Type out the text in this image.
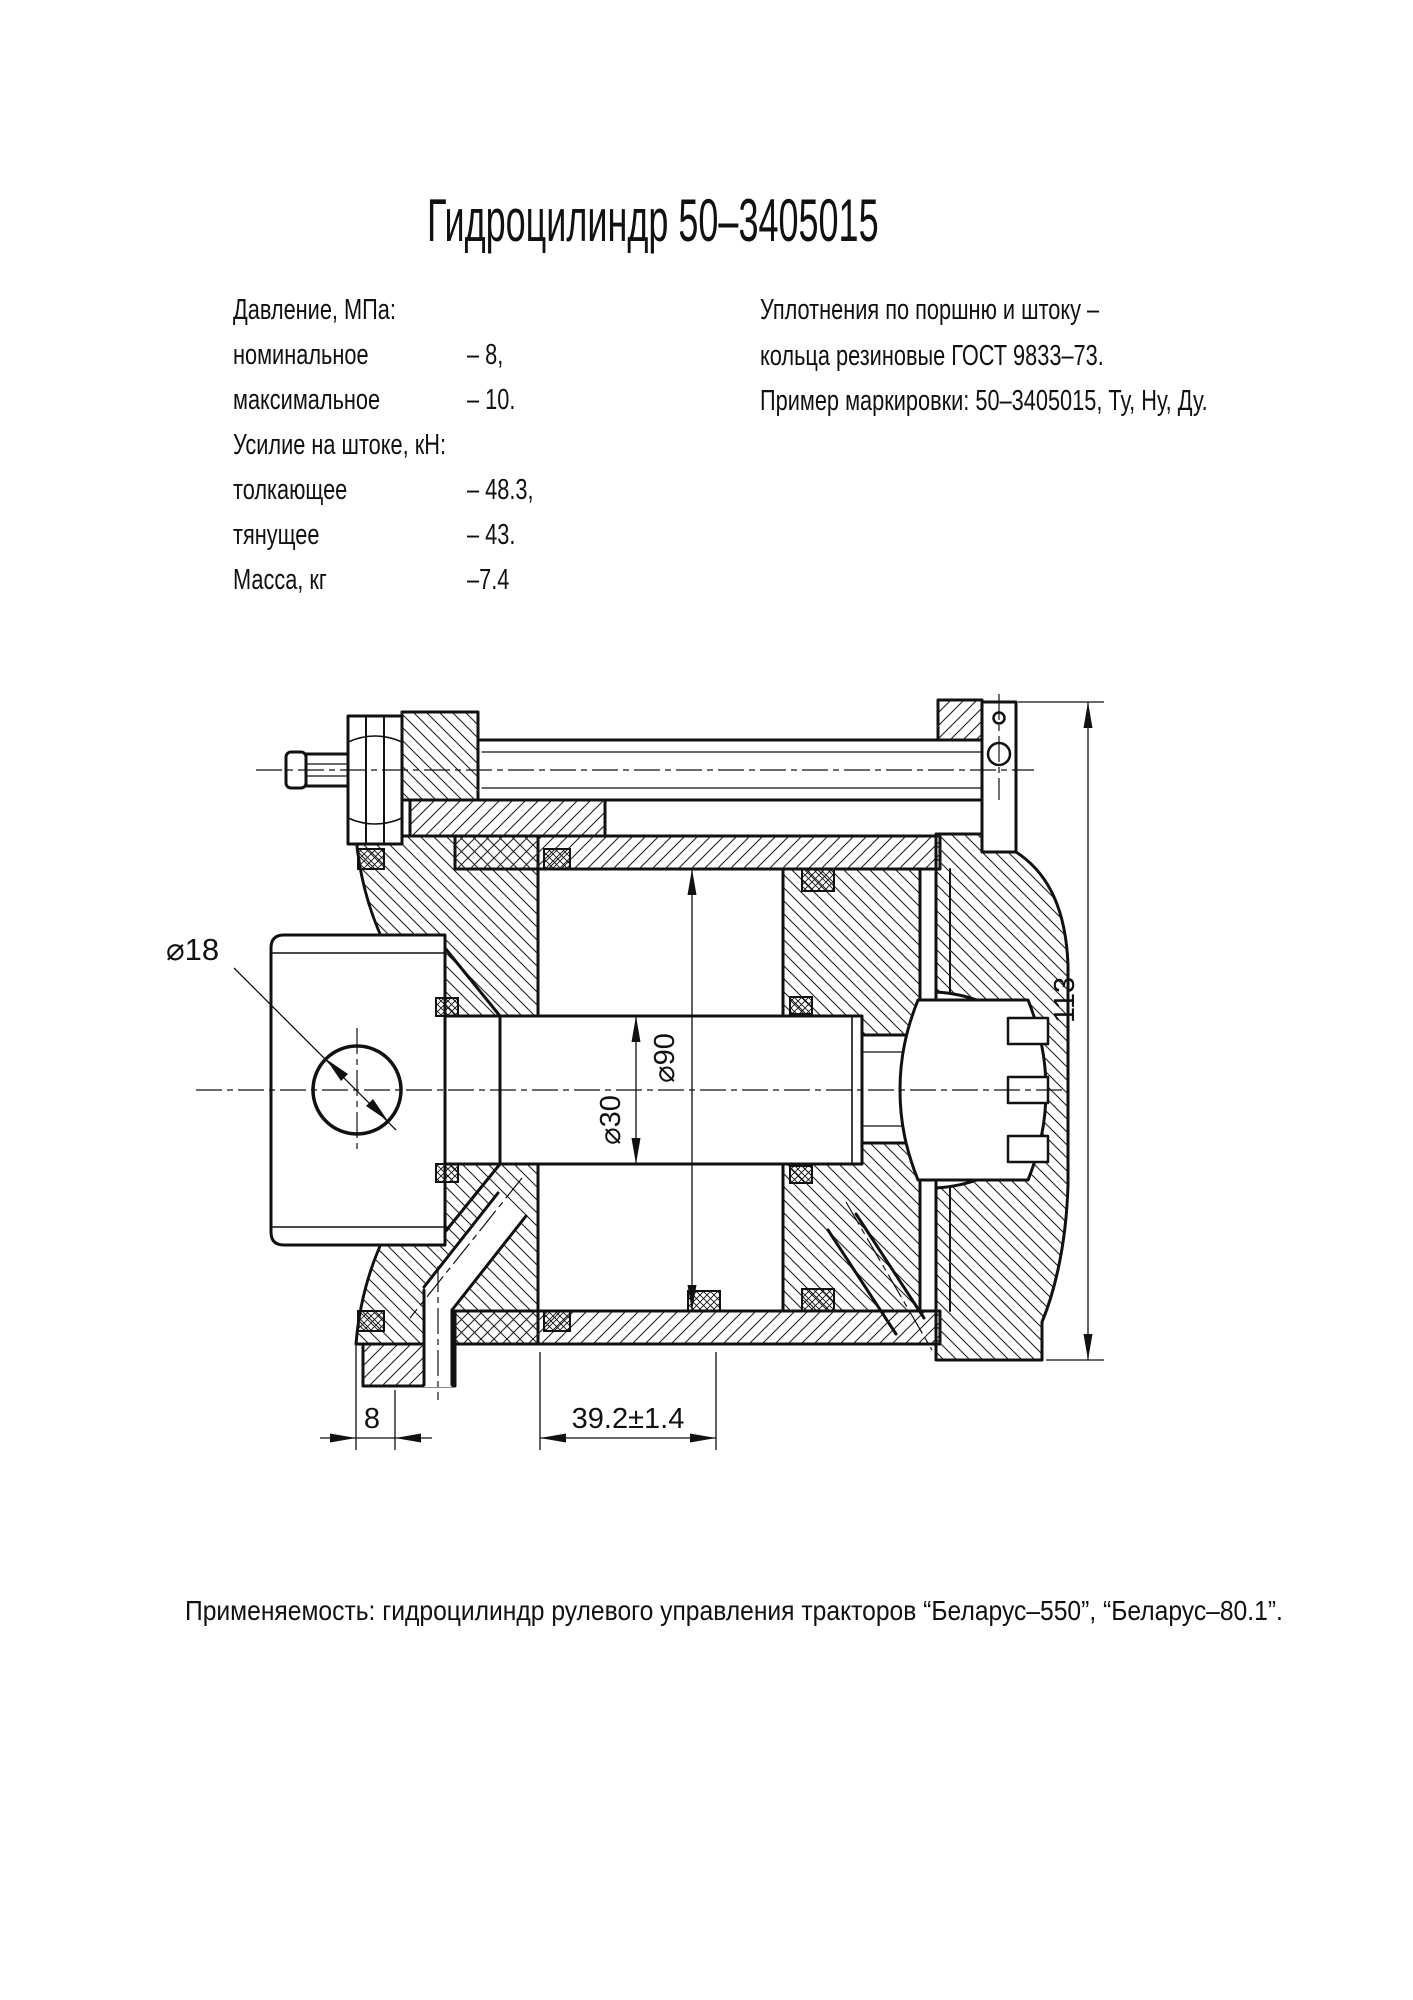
Гидроцилиндр 50–3405015
Давление, МПа:
номинальное	– 8,
максимальное	– 10.
Усилие на штоке, кН:
толкающее	– 48.3,
тянущее	– 43.
Масса, кг	–7.4
Уплотнения по поршню и штоку –
кольца резиновые ГОСТ 9833–73.
Пример маркировки: 50–3405015, Ту, Ну, Ду.
Применяемость: гидроцилиндр рулевого управления тракторов “Беларус–550”, “Беларус–80.1”.
⌀18
⌀30
⌀90
113
8	39.2±1.4
